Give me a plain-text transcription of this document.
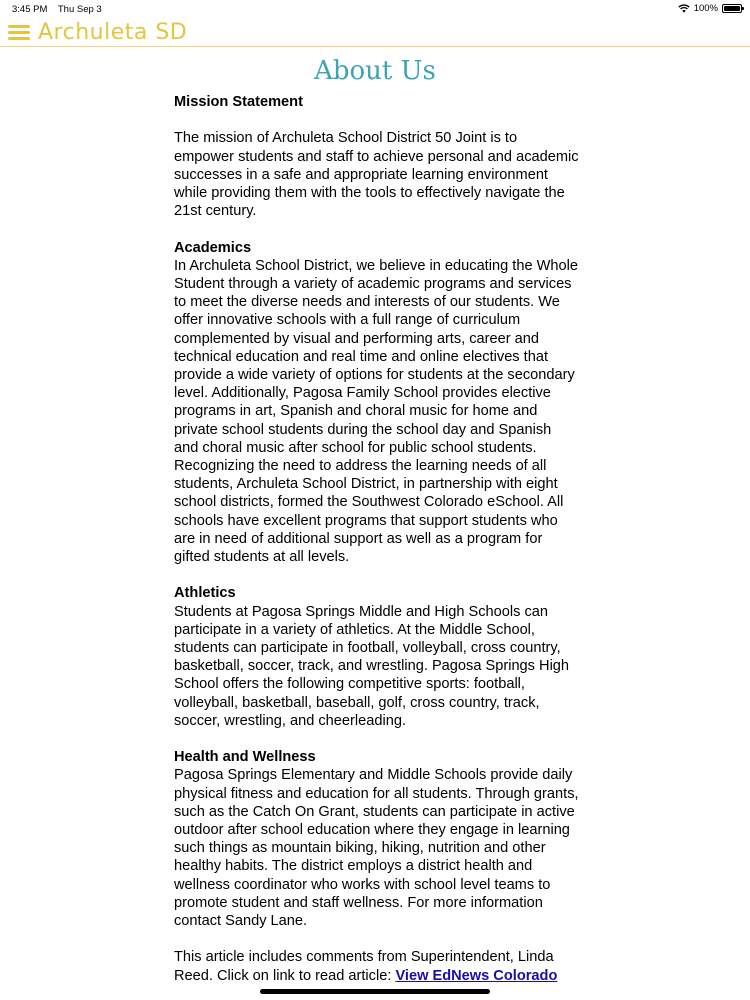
3:45 PM Thu Sep 3	100%
Archuleta SD
About Us
Mission Statement

The mission of Archuleta School District 50 Joint is to empower students and staff to achieve personal and academic successes in a safe and appropriate learning environment while providing them with the tools to effectively navigate the 21st century.

Academics

In Archuleta School District, we believe in educating the Whole Student through a variety of academic programs and services to meet the diverse needs and interests of our students. We offer innovative schools with a full range of curriculum complemented by visual and performing arts, career and technical education and real time and online electives that provide a wide variety of options for students at the secondary level. Additionally, Pagosa Family School provides elective programs in art, Spanish and choral music for home and private school students during the school day and Spanish and choral music after school for public school students. Recognizing the need to address the learning needs of all students, Archuleta School District, in partnership with eight school districts, formed the Southwest Colorado eSchool. All schools have excellent programs that support students who are in need of additional support as well as a program for gifted students at all levels.

Athletics

Students at Pagosa Springs Middle and High Schools can participate in a variety of athletics. At the Middle School, students can participate in football, volleyball, cross country, basketball, soccer, track, and wrestling. Pagosa Springs High School offers the following competitive sports: football, volleyball, basketball, baseball, golf, cross country, track, soccer, wrestling, and cheerleading.

Health and Wellness

Pagosa Springs Elementary and Middle Schools provide daily physical fitness and education for all students. Through grants, such as the Catch On Grant, students can participate in active outdoor after school education where they engage in learning such things as mountain biking, hiking, nutrition and other healthy habits. The district employs a district health and wellness coordinator who works with school level teams to promote student and staff wellness. For more information contact Sandy Lane.

This article includes comments from Superintendent, Linda Reed. Click on link to read article: View EdNews Colorado
